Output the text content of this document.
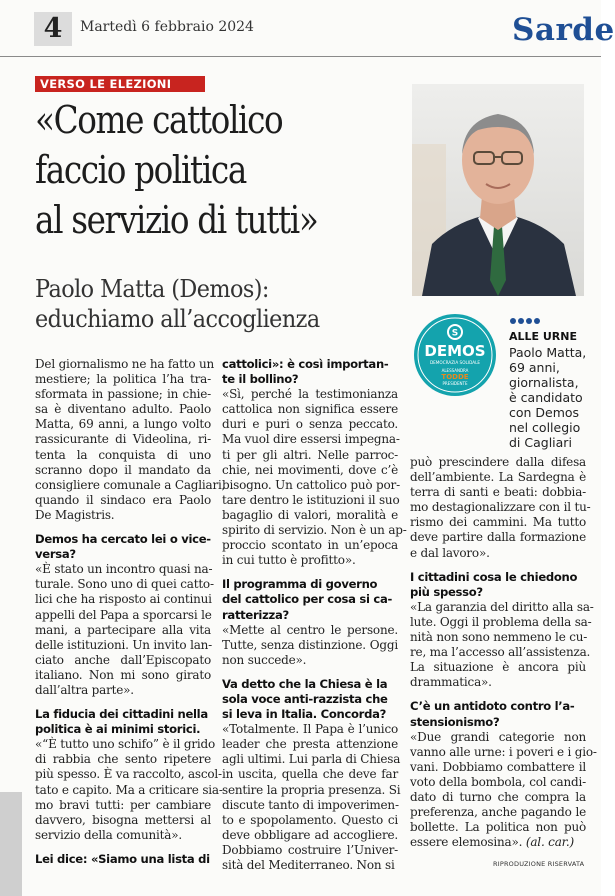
4	Martedì 6 febbraio 2024	Sarde
VERSO LE ELEZIONI
«Come cattolico
faccio politica
al servizio di tutti»
Paolo Matta (Demos):
educhiamo all’accoglienza
S
DEMOS
DEMOCRAZIA SOLIDALE
ALESSANDRA
TODDE
PRESIDENTE
ALLE URNE
Paolo Matta,
69 anni,
giornalista,
è candidato
con Demos
nel collegio
di Cagliari
Del giornalismo ne ha fatto un
mestiere; la politica l’ha tra-
sformata in passione; in chie-
sa è diventano adulto. Paolo
Matta, 69 anni, a lungo volto
rassicurante di Videolina, ri-
tenta la conquista di uno
scranno dopo il mandato da
consigliere comunale a Cagliari,
quando il sindaco era Paolo
De Magistris.
Demos ha cercato lei o vice-
versa?
«È stato un incontro quasi na-
turale. Sono uno di quei catto-
lici che ha risposto ai continui
appelli del Papa a sporcarsi le
mani, a partecipare alla vita
delle istituzioni. Un invito lan-
ciato anche dall’Episcopato
italiano. Non mi sono girato
dall’altra parte».
La fiducia dei cittadini nella
politica è ai minimi storici.
«“È tutto uno schifo” è il grido
di rabbia che sento ripetere
più spesso. È va raccolto, ascol-
tato e capito. Ma a criticare sia-
mo bravi tutti: per cambiare
davvero, bisogna mettersi al
servizio della comunità».
Lei dice: «Siamo una lista di
cattolici»: è così importan-
te il bollino?
«Sì, perché la testimonianza
cattolica non significa essere
duri e puri o senza peccato.
Ma vuol dire essersi impegna-
ti per gli altri. Nelle parroc-
chie, nei movimenti, dove c’è
bisogno. Un cattolico può por-
tare dentro le istituzioni il suo
bagaglio di valori, moralità e
spirito di servizio. Non è un ap-
proccio scontato in un’epoca
in cui tutto è profitto».
Il programma di governo
del cattolico per cosa si ca-
ratterizza?
«Mette al centro le persone.
Tutte, senza distinzione. Oggi
non succede».
Va detto che la Chiesa è la
sola voce anti-razzista che
si leva in Italia. Concorda?
«Totalmente. Il Papa è l’unico
leader che presta attenzione
agli ultimi. Lui parla di Chiesa
in uscita, quella che deve far
sentire la propria presenza. Si
discute tanto di impoverimen-
to e spopolamento. Questo ci
deve obbligare ad accogliere.
Dobbiamo costruire l’Univer-
sità del Mediterraneo. Non si
può prescindere dalla difesa
dell’ambiente. La Sardegna è
terra di santi e beati: dobbia-
mo destagionalizzare con il tu-
rismo dei cammini. Ma tutto
deve partire dalla formazione
e dal lavoro».
I cittadini cosa le chiedono
più spesso?
«La garanzia del diritto alla sa-
lute. Oggi il problema della sa-
nità non sono nemmeno le cu-
re, ma l’accesso all’assistenza.
La situazione è ancora più
drammatica».
C’è un antidoto contro l’a-
stensionismo?
«Due grandi categorie non
vanno alle urne: i poveri e i gio-
vani. Dobbiamo combattere il
voto della bombola, col candi-
dato di turno che compra la
preferenza, anche pagando le
bollette. La politica non può
essere elemosina». (al. car.)
RIPRODUZIONE RISERVATA
